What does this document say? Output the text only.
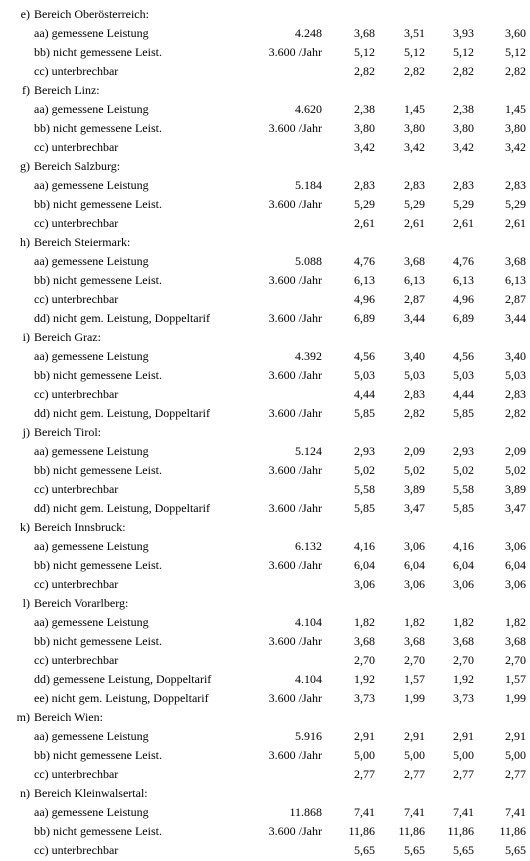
e) Bereich Oberösterreich:
aa) gemessene Leistung	4.248	3,68 3,51 3,93	3,60
bb) nicht gemessene Leist.	3.600 /Jahr	5,12 5,12 5,12	5,12
cc) unterbrechbar	2,82 2,82 2,82	2,82
f) Bereich Linz:
aa) gemessene Leistung	4.620	2,38 1,45 2,38	1,45
bb) nicht gemessene Leist.	3.600 /Jahr	3,80 3,80 3,80	3,80
cc) unterbrechbar	3,42 3,42 3,42	3,42
g) Bereich Salzburg:
aa) gemessene Leistung	5.184	2,83 2,83 2,83	2,83
bb) nicht gemessene Leist.	3.600 /Jahr	5,29 5,29 5,29	5,29
cc) unterbrechbar	2,61 2,61 2,61	2,61
h) Bereich Steiermark:
aa) gemessene Leistung	5.088	4,76 3,68 4,76	3,68
bb) nicht gemessene Leist.	3.600 /Jahr	6,13 6,13 6,13	6,13
cc) unterbrechbar	4,96 2,87 4,96	2,87
dd) nicht gem. Leistung, Doppeltarif	3.600 /Jahr	6,89 3,44 6,89	3,44
i) Bereich Graz:
aa) gemessene Leistung	4.392	4,56 3,40 4,56	3,40
bb) nicht gemessene Leist.	3.600 /Jahr	5,03 5,03 5,03	5,03
cc) unterbrechbar	4,44 2,83 4,44	2,83
dd) nicht gem. Leistung, Doppeltarif	3.600 /Jahr	5,85 2,82 5,85	2,82
j) Bereich Tirol:
aa) gemessene Leistung	5.124	2,93 2,09 2,93	2,09
bb) nicht gemessene Leist.	3.600 /Jahr	5,02 5,02 5,02	5,02
cc) unterbrechbar	5,58 3,89 5,58	3,89
dd) nicht gem. Leistung, Doppeltarif	3.600 /Jahr	5,85 3,47 5,85	3,47
k) Bereich Innsbruck:
aa) gemessene Leistung	6.132	4,16 3,06 4,16	3,06
bb) nicht gemessene Leist.	3.600 /Jahr	6,04 6,04 6,04	6,04
cc) unterbrechbar	3,06 3,06 3,06	3,06
l) Bereich Vorarlberg:
aa) gemessene Leistung	4.104	1,82 1,82 1,82	1,82
bb) nicht gemessene Leist.	3.600 /Jahr	3,68 3,68 3,68	3,68
cc) unterbrechbar	2,70 2,70 2,70	2,70
dd) gemessene Leistung, Doppeltarif	4.104	1,92 1,57 1,92	1,57
ee) nicht gem. Leistung, Doppeltarif	3.600 /Jahr	3,73 1,99 3,73	1,99
m) Bereich Wien:
aa) gemessene Leistung	5.916	2,91 2,91 2,91	2,91
bb) nicht gemessene Leist.	3.600 /Jahr	5,00 5,00 5,00	5,00
cc) unterbrechbar	2,77 2,77 2,77	2,77
n) Bereich Kleinwalsertal:
aa) gemessene Leistung	11.868	7,41 7,41 7,41	7,41
bb) nicht gemessene Leist.	3.600 /Jahr 11,86 11,86 11,86 11,86
cc) unterbrechbar	5,65 5,65 5,65	5,65
